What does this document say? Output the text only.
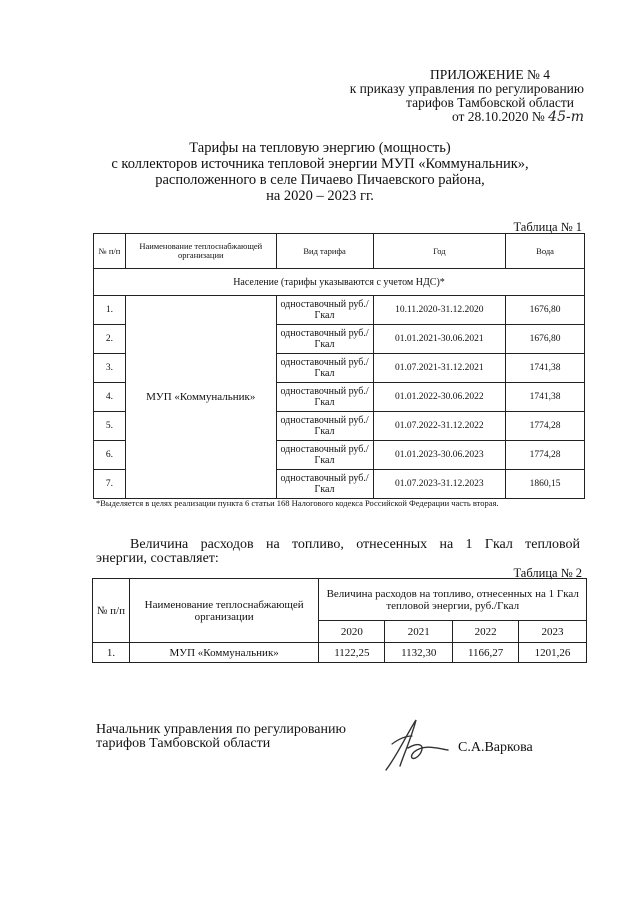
ПРИЛОЖЕНИЕ № 4
к приказу управления по регулированию
тарифов Тамбовской области
от 28.10.2020 № 45-т
Тарифы на тепловую энергию (мощность)
с коллекторов источника тепловой энергии МУП «Коммунальник»,
расположенного в селе Пичаево Пичаевского района,
на 2020 – 2023 гг.
Таблица № 1
№ п/п	Наименование теплоснабжающей организации	Вид тарифа	Год	Вода
Население (тарифы указываются с учетом НДС)*				
1.	МУП «Коммунальник»	одноставочный руб./Гкал	10.11.2020-31.12.2020	1676,80
2.		одноставочный руб./Гкал	01.01.2021-30.06.2021	1676,80
3.		одноставочный руб./Гкал	01.07.2021-31.12.2021	1741,38
4.		одноставочный руб./Гкал	01.01.2022-30.06.2022	1741,38
5.		одноставочный руб./Гкал	01.07.2022-31.12.2022	1774,28
6.		одноставочный руб./Гкал	01.01.2023-30.06.2023	1774,28
7.		одноставочный руб./Гкал	01.07.2023-31.12.2023	1860,15
*Выделяется в целях реализации пункта 6 статьи 168 Налогового кодекса Российской Федерации часть вторая.
Величина расходов на топливо, отнесенных на 1 Гкал тепловой
энергии, составляет:
Таблица № 2
№ п/п	Наименование теплоснабжающей организации	Величина расходов на топливо, отнесенных на 1 Гкал тепловой энергии, руб./Гкал			
		2020	2021	2022	2023
1.	МУП «Коммунальник»	1122,25	1132,30	1166,27	1201,26
Начальник управления по регулированию
тарифов Тамбовской области	С.А.Варкова
